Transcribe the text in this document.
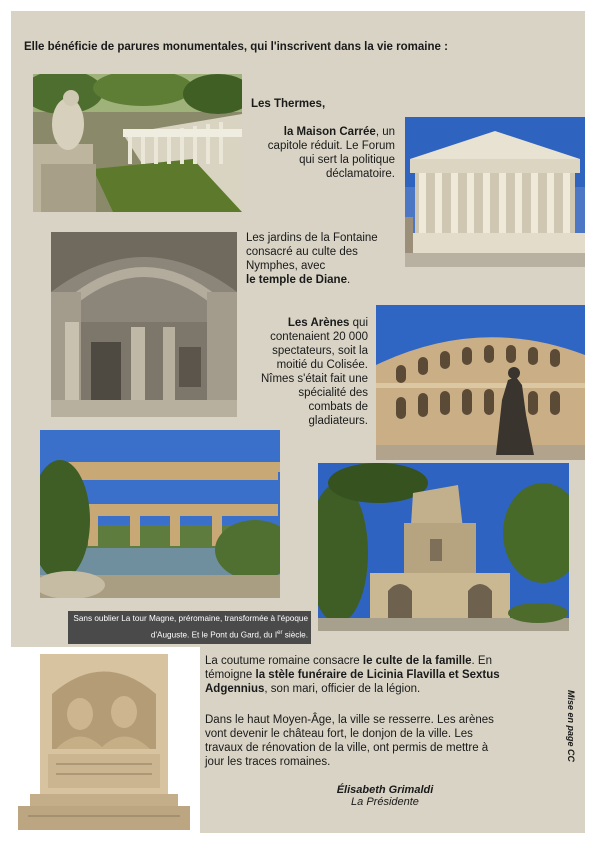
Elle bénéficie de parures monumentales, qui l'inscrivent dans la vie romaine :
Les Thermes,
la Maison Carrée, un
capitole réduit. Le Forum
qui sert la politique
déclamatoire.
Les jardins de la Fontaine
consacré au culte des
Nymphes, avec
le temple de Diane.
Les Arènes qui
contenaient 20 000
spectateurs, soit la
moitié du Colisée.
Nîmes s'était fait une
spécialité des
combats de
gladiateurs.
Sans oublier La tour Magne, préromaine, transformée à l'époque
d'Auguste. Et le Pont du Gard, du Ier siècle.
La coutume romaine consacre le culte de la famille. En
témoigne la stèle funéraire de Licinia Flavilla et Sextus
Adgennius, son mari, officier de la légion.
Dans le haut Moyen-Âge, la ville se resserre. Les arènes
vont devenir le château fort, le donjon de la ville. Les
travaux de rénovation de la ville, ont permis de mettre à
jour les traces romaines.
Élisabeth Grimaldi
La Présidente
Mise en page CC
